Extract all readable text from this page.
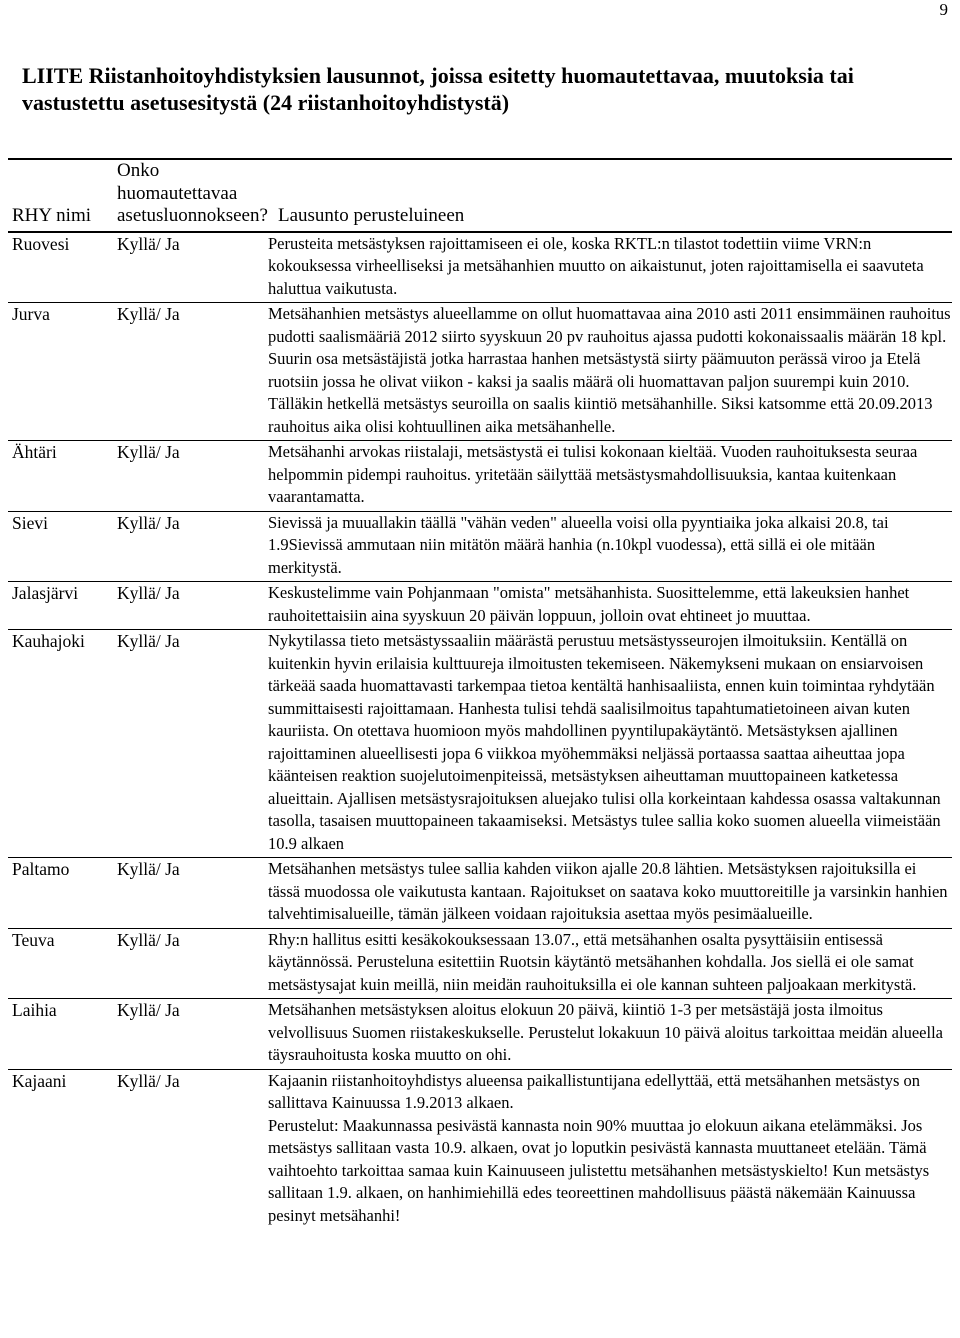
9
LIITE Riistanhoitoyhdistyksien lausunnot, joissa esitetty huomautettavaa, muutoksia tai vastustettu asetusesitystä (24 riistanhoitoyhdistystä)
RHY nimi	Onko huomautettavaa asetusluonnokseen?	Lausunto perusteluineen
Ruovesi	Kyllä/ Ja	Perusteita metsästyksen rajoittamiseen ei ole, koska RKTL:n tilastot todettiin viime VRN:n kokouksessa virheelliseksi ja metsähanhien muutto on aikaistunut, joten rajoittamisella ei saavuteta haluttua vaikutusta.
Jurva	Kyllä/ Ja	Metsähanhien metsästys alueellamme on ollut huomattavaa aina 2010 asti 2011 ensimmäinen rauhoitus pudotti saalismääriä 2012 siirto syyskuun 20 pv rauhoitus ajassa pudotti kokonaissaalis määrän 18 kpl. Suurin osa metsästäjistä jotka harrastaa hanhen metsästystä siirty päämuuton perässä viroo ja Etelä ruotsiin jossa he olivat viikon - kaksi ja saalis määrä oli huomattavan paljon suurempi kuin 2010. Tälläkin hetkellä metsästys seuroilla on saalis kiintiö metsähanhille. Siksi katsomme että 20.09.2013 rauhoitus aika olisi kohtuullinen aika metsähanhelle.
Ähtäri	Kyllä/ Ja	Metsähanhi arvokas riistalaji, metsästystä ei tulisi kokonaan kieltää. Vuoden rauhoituksesta seuraa helpommin pidempi rauhoitus. yritetään säilyttää metsästysmahdollisuuksia, kantaa kuitenkaan vaarantamatta.
Sievi	Kyllä/ Ja	Sievissä ja muuallakin täällä "vähän veden" alueella voisi olla pyyntiaika joka alkaisi 20.8, tai 1.9Sievissä ammutaan niin mitätön määrä hanhia (n.10kpl vuodessa), että sillä ei ole mitään merkitystä.
Jalasjärvi	Kyllä/ Ja	Keskustelimme vain Pohjanmaan "omista" metsähanhista. Suosittelemme, että lakeuksien hanhet rauhoitettaisiin aina syyskuun 20 päivän loppuun, jolloin ovat ehtineet jo muuttaa.
Kauhajoki	Kyllä/ Ja	Nykytilassa tieto metsästyssaaliin määrästä perustuu metsästysseurojen ilmoituksiin. Kentällä on kuitenkin hyvin erilaisia kulttuureja ilmoitusten tekemiseen. Näkemykseni mukaan on ensiarvoisen tärkeää saada huomattavasti tarkempaa tietoa kentältä hanhisaaliista, ennen kuin toimintaa ryhdytään summittaisesti rajoittamaan. Hanhesta tulisi tehdä saalisilmoitus tapahtumatietoineen aivan kuten kauriista. On otettava huomioon myös mahdollinen pyyntilupakäytäntö. Metsästyksen ajallinen rajoittaminen alueellisesti jopa 6 viikkoa myöhemmäksi neljässä portaassa saattaa aiheuttaa jopa käänteisen reaktion suojelutoimenpiteissä, metsästyksen aiheuttaman muuttopaineen katketessa alueittain. Ajallisen metsästysrajoituksen aluejako tulisi olla korkeintaan kahdessa osassa valtakunnan tasolla, tasaisen muuttopaineen takaamiseksi. Metsästys tulee sallia koko suomen alueella viimeistään 10.9 alkaen
Paltamo	Kyllä/ Ja	Metsähanhen metsästys tulee sallia kahden viikon ajalle 20.8 lähtien. Metsästyksen rajoituksilla ei tässä muodossa ole vaikutusta kantaan. Rajoitukset on saatava koko muuttoreitille ja varsinkin hanhien talvehtimisalueille, tämän jälkeen voidaan rajoituksia asettaa myös pesimäalueille.
Teuva	Kyllä/ Ja	Rhy:n hallitus esitti kesäkokouksessaan 13.07., että metsähanhen osalta pysyttäisiin entisessä käytännössä. Perusteluna esitettiin Ruotsin käytäntö metsähanhen kohdalla. Jos siellä ei ole samat metsästysajat kuin meillä, niin meidän rauhoituksilla ei ole kannan suhteen paljoakaan merkitystä.
Laihia	Kyllä/ Ja	Metsähanhen metsästyksen aloitus elokuun 20 päivä, kiintiö 1-3 per metsästäjä josta ilmoitus velvollisuus Suomen riistakeskukselle. Perustelut lokakuun 10 päivä aloitus tarkoittaa meidän alueella täysrauhoitusta koska muutto on ohi.
Kajaani	Kyllä/ Ja	Kajaanin riistanhoitoyhdistys alueensa paikallistuntijana edellyttää, että metsähanhen metsästys on sallittava Kainuussa 1.9.2013 alkaen.

Perustelut: Maakunnassa pesivästä kannasta noin 90% muuttaa jo elokuun aikana etelämmäksi. Jos metsästys sallitaan vasta 10.9. alkaen, ovat jo loputkin pesivästä kannasta muuttaneet etelään. Tämä vaihtoehto tarkoittaa samaa kuin Kainuuseen julistettu metsähanhen metsästyskielto! Kun metsästys sallitaan 1.9. alkaen, on hanhimiehillä edes teoreettinen mahdollisuus päästä näkemään Kainuussa pesinyt metsähanhi!
